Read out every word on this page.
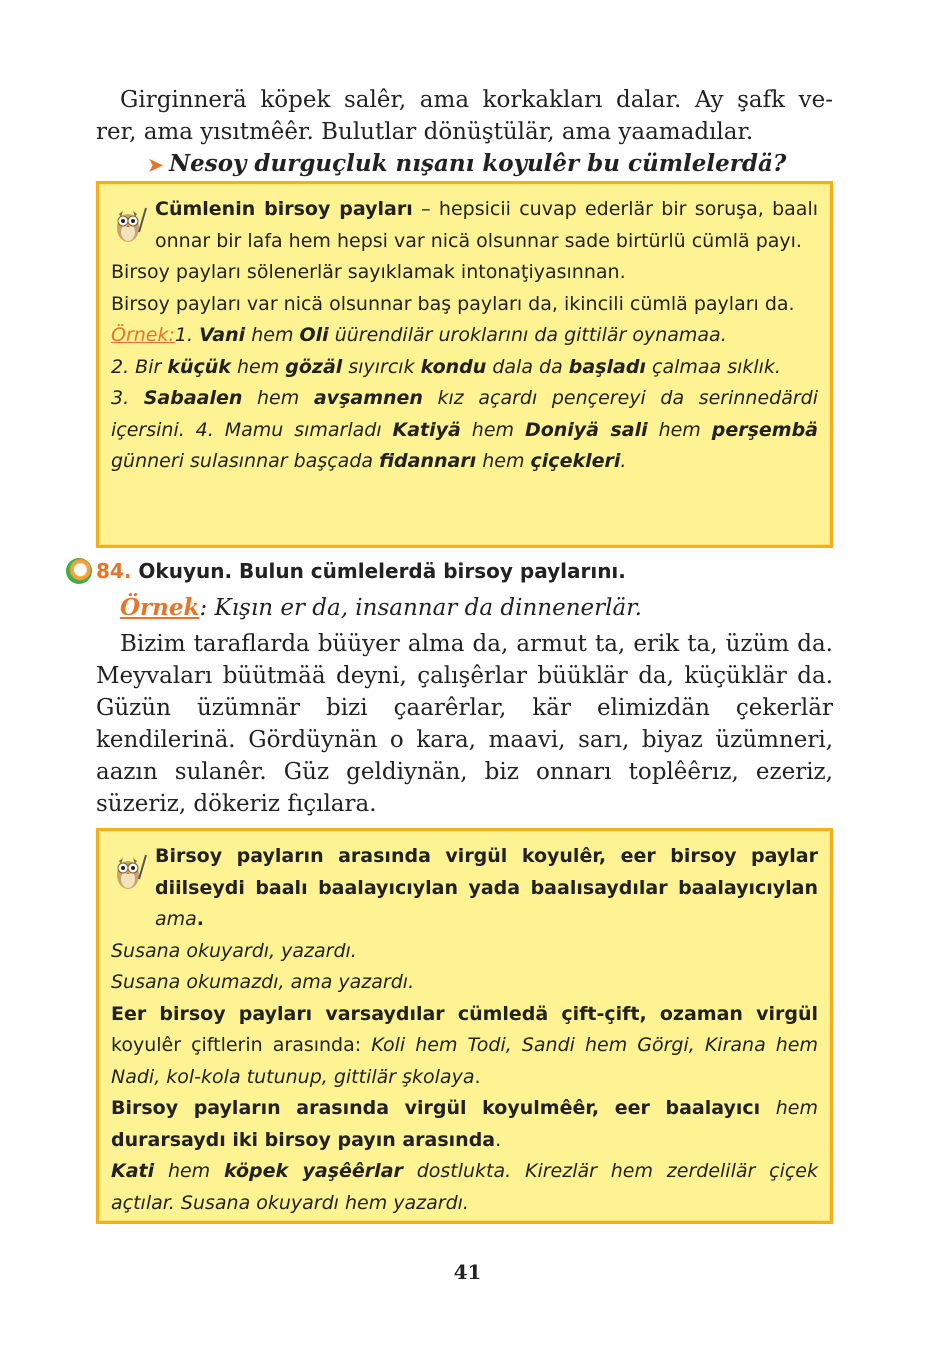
Girginnerä köpek salêr, ama korkakları dalar. Ay şafk ve-
rer, ama yısıtmêêr. Bulutlar dönüştülär, ama yaamadılar.
➤ Nesoy durguçluk nışanı koyulêr bu cümlelerdä?
Cümlenin birsoy payları – hepsicii cuvap ederlär bir soruşa, baalı onnar bir lafa hem hepsi var nicä olsunnar sade birtürlü cümlä payı.
Birsoy payları sölenerlär sayıklamak intonaţiyasınnan.
Birsoy payları var nicä olsunnar baş payları da, ikincili cümlä payları da.
Örnek:1. Vani hem Oli üürendilär uroklarını da gittilär oynamaa.
2. Bir küçük hem gözäl sıyırcık kondu dala da başladı çalmaa sıklık.
3. Sabaalen hem avşamnen kız açardı pençereyi da serinnedärdi içersini. 4. Mamu sımarladı Katiyä hem Doniyä sali hem perşembä günneri sulasınnar başçada fidannarı hem çiçekleri.
84.
Okuyun. Bulun cümlelerdä birsoy paylarını.
Örnek: Kışın er da, insannar da dinnenerlär.
Bizim taraflarda büüyer alma da, armut ta, erik ta, üzüm da. Meyvaları büütmää deyni, çalışêrlar büüklär da, küçüklär da. Güzün üzümnär bizi çaarêrlar, kär elimizdän çekerlär kendilerinä. Gördüynän o kara, maavi, sarı, biyaz üzümneri, aazın sulanêr. Güz geldiynän, biz onnarı toplêêrız, ezeriz, süzeriz, dökeriz fıçılara.
Birsoy payların arasında virgül koyulêr, eer birsoy paylar diilseydi baalı baalayıcıylan yada baalısaydılar baalayıcıylan ama.
Susana okuyardı, yazardı.
Susana okumazdı, ama yazardı.
Eer birsoy payları varsaydılar cümledä çift-çift, ozaman virgül koyulêr çiftlerin arasında: Koli hem Todi, Sandi hem Görgi, Kirana hem Nadi, kol-kola tutunup, gittilär şkolaya.
Birsoy payların arasında virgül koyulmêêr, eer baalayıcı hem durarsaydı iki birsoy payın arasında.
Kati hem köpek yaşêêrlar dostlukta. Kirezlär hem zerdelilär çiçek açtılar. Susana okuyardı hem yazardı.
41
